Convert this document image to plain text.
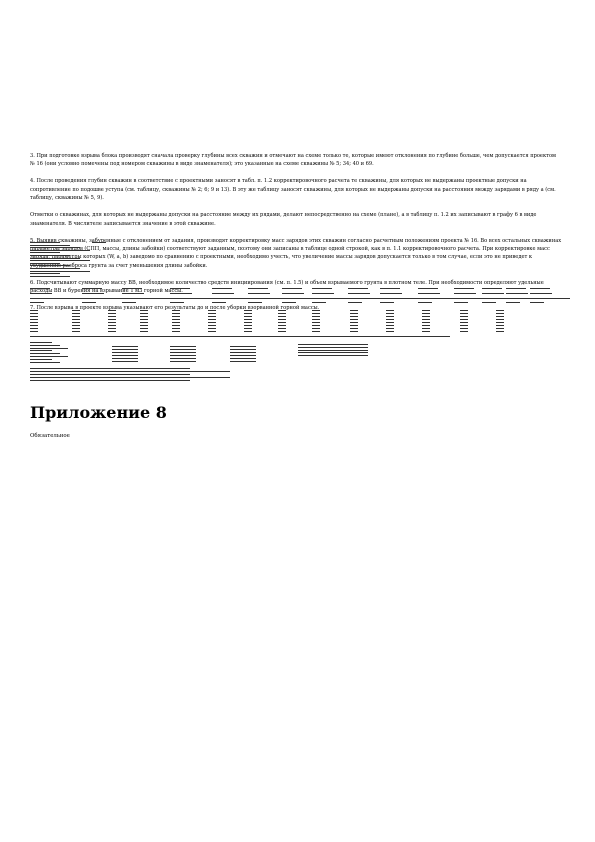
3. При подготовке взрыва блока производят сначала проверку глубины всех скважин и отмечают на схеме только те, которые имеют отклонения по глубине больше, чем допускается проектом № 16 (они условно помечены под номером скважины в виде знаменателя); это указанные на схеме скважины № 5; 34; 40 и 69.

4. После проведения глубин скважин в соответствие с проектными заносят в табл. п. 1.2 корректировочного расчета те скважины, для которых не выдержаны проектные допуски на сопротивление по подошве уступа (см. таблицу, скважины № 2; 6; 9 и 13). В эту же таблицу заносят скважины, для которых не выдержаны допуски на расстояния между зарядами в ряду а (см. таблицу, скважины № 5, 9).

Отметки о скважинах, для которых не выдержаны допуски на расстояние между их рядами, делают непосредственно на схеме (планe), а в таблицу п. 1.2 их записывают в графу 6 в виде знаменателя. В числителе записывается значение в этой скважине.

5. Выявив скважины, забуренные с отклонением от задания, производят корректировку масс зарядов этих скважин согласно расчетным положениям проекта № 16. Во всех остальных скважинах параметры зарядов (СПП, массы, длины забойки) соответствуют заданным, поэтому они записаны в таблице одной строкой, как в п. 1.1 корректировочного расчета. При корректировке масс заряда, параметры которых (W, a, b) заведомо по сравнению с проектными, необходимо учесть, что увеличение массы зарядов допускается только в том случае, если это не приведет к ухудшению разброса грунта за счет уменьшения длины забойки.

6. Подсчитывают суммарную массу ВВ, необходимое количество средств инициирования (см. п. 1.5) и объем взрываемого грунта в плотном теле. При необходимости определяют удельные расходы ВВ и бурения на взрывание 1 м3 горной массы.

7. После взрыва в проекте взрыва указывают его результаты до и после уборки взорванной горной массы.

Приложение 8
Обязательное
